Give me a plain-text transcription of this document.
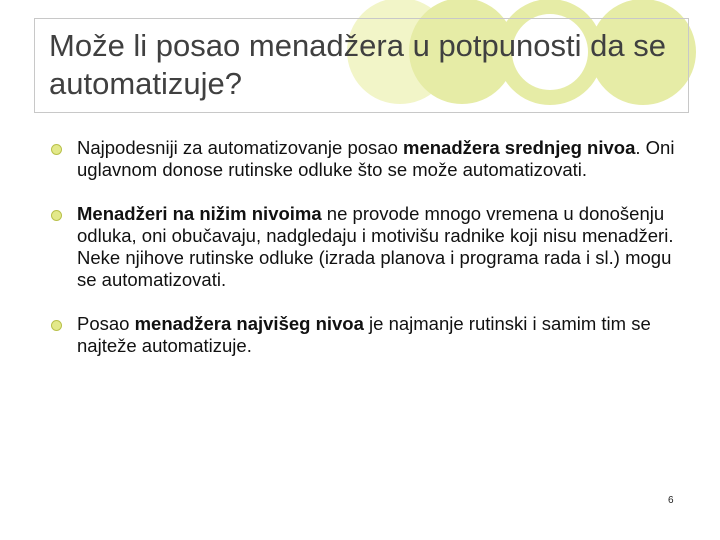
Može li posao menadžera u potpunosti da se automatizuje?
Najpodesniji za automatizovanje posao menadžera srednjeg nivoa. Oni uglavnom donose rutinske odluke što se može automatizovati.
Menadžeri na nižim nivoima ne provode mnogo vremena u donošenju odluka, oni obučavaju, nadgledaju i motivišu radnike koji nisu menadžeri. Neke njihove rutinske odluke (izrada planova i programa rada i sl.) mogu se automatizovati.
Posao menadžera najvišeg nivoa je najmanje rutinski i samim tim se najteže automatizuje.
6
